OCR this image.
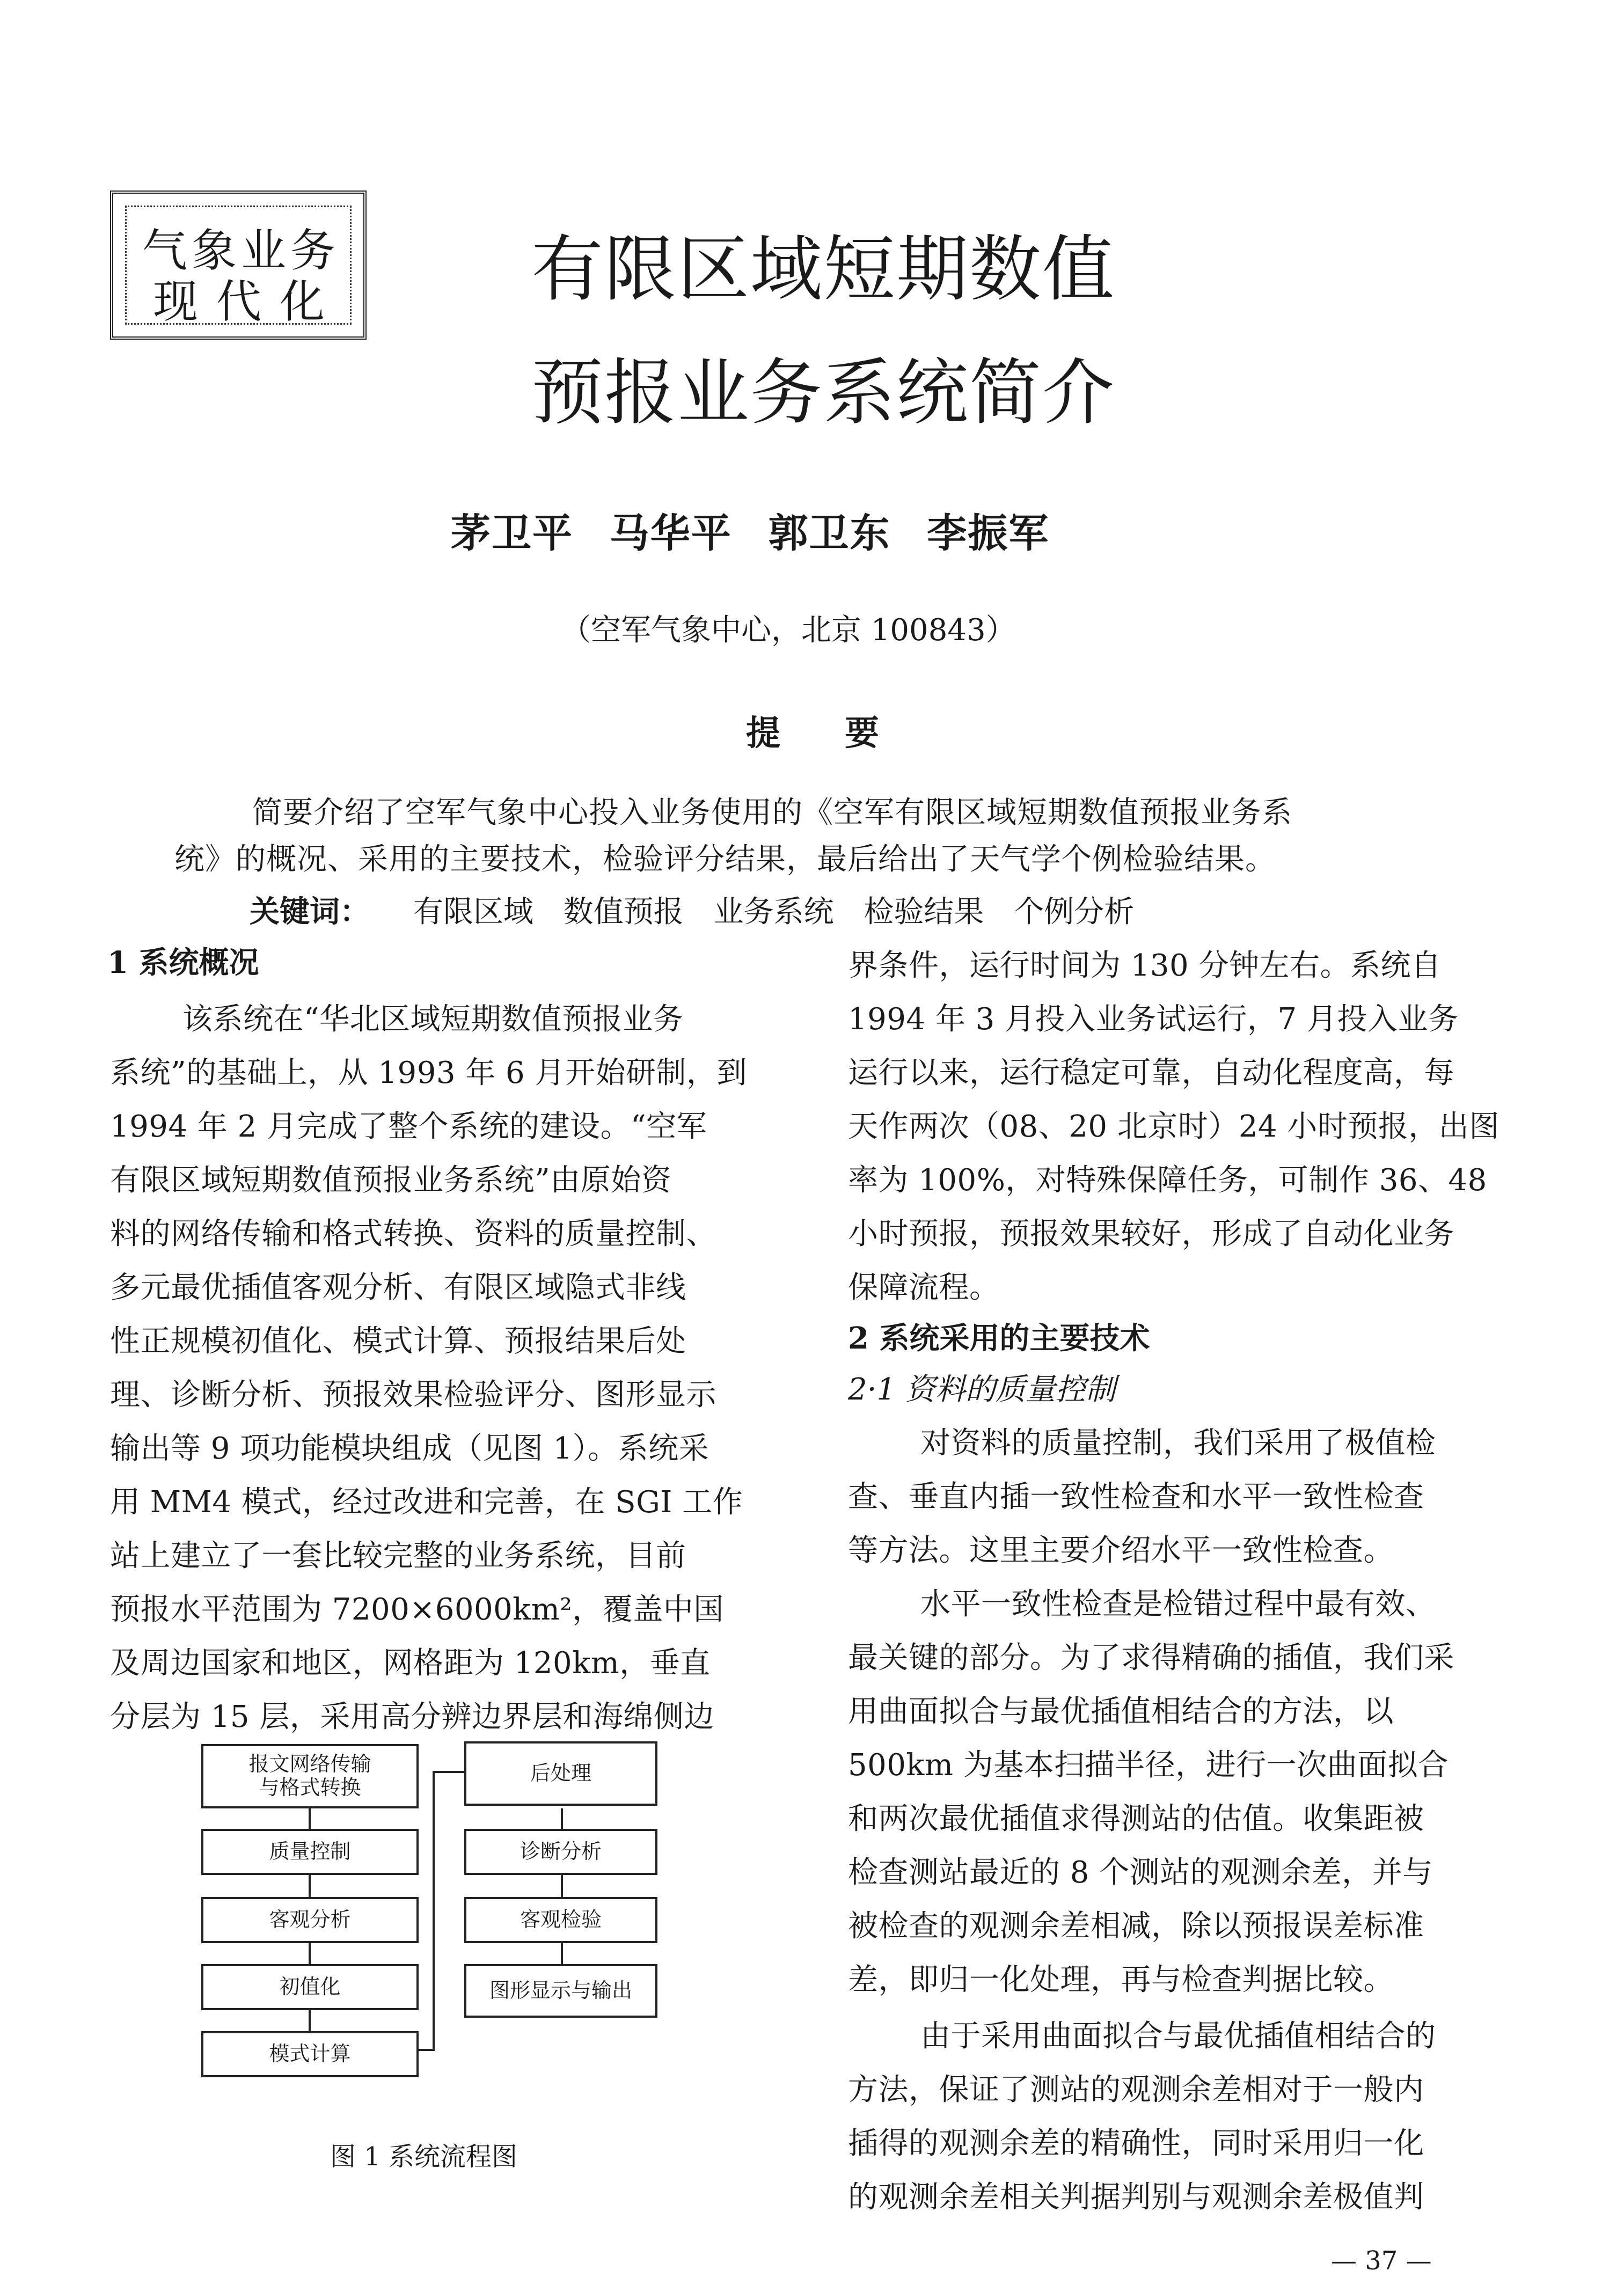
气象业务
现代化	有限区域短期数值
预报业务系统简介
茅卫平 马华平 郭卫东 李振军
（空军气象中心，北京 100843）
提要
简要介绍了空军气象中心投入业务使用的《空军有限区域短期数值预报业务系
统》的概况、采用的主要技术，检验评分结果，最后给出了天气学个例检验结果。
关键词： 有限区域 数值预报 业务系统 检验结果 个例分析
1 系统概况
该系统在“华北区域短期数值预报业务
系统”的基础上，从 1993 年 6 月开始研制，到
1994 年 2 月完成了整个系统的建设。“空军
有限区域短期数值预报业务系统”由原始资
料的网络传输和格式转换、资料的质量控制、
多元最优插值客观分析、有限区域隐式非线
性正规模初值化、模式计算、预报结果后处
理、诊断分析、预报效果检验评分、图形显示
输出等 9 项功能模块组成（见图 1）。系统采
用 MM4 模式，经过改进和完善，在 SGI 工作
站上建立了一套比较完整的业务系统，目前
预报水平范围为 7200×6000km²，覆盖中国
及周边国家和地区，网格距为 120km，垂直
分层为 15 层，采用高分辨边界层和海绵侧边
报文网络传输
与格式转换
质量控制
客观分析
初值化
模式计算
后处理
诊断分析
客观检验
图形显示与输出
图 1 系统流程图
界条件，运行时间为 130 分钟左右。系统自
1994 年 3 月投入业务试运行，7 月投入业务
运行以来，运行稳定可靠，自动化程度高，每
天作两次（08、20 北京时）24 小时预报，出图
率为 100%，对特殊保障任务，可制作 36、48
小时预报，预报效果较好，形成了自动化业务
保障流程。
2 系统采用的主要技术
2·1 资料的质量控制
对资料的质量控制，我们采用了极值检
查、垂直内插一致性检查和水平一致性检查
等方法。这里主要介绍水平一致性检查。
水平一致性检查是检错过程中最有效、
最关键的部分。为了求得精确的插值，我们采
用曲面拟合与最优插值相结合的方法，以
500km 为基本扫描半径，进行一次曲面拟合
和两次最优插值求得测站的估值。收集距被
检查测站最近的 8 个测站的观测余差，并与
被检查的观测余差相减，除以预报误差标准
差，即归一化处理，再与检查判据比较。
由于采用曲面拟合与最优插值相结合的
方法，保证了测站的观测余差相对于一般内
插得的观测余差的精确性，同时采用归一化
的观测余差相关判据判别与观测余差极值判
— 37 —
